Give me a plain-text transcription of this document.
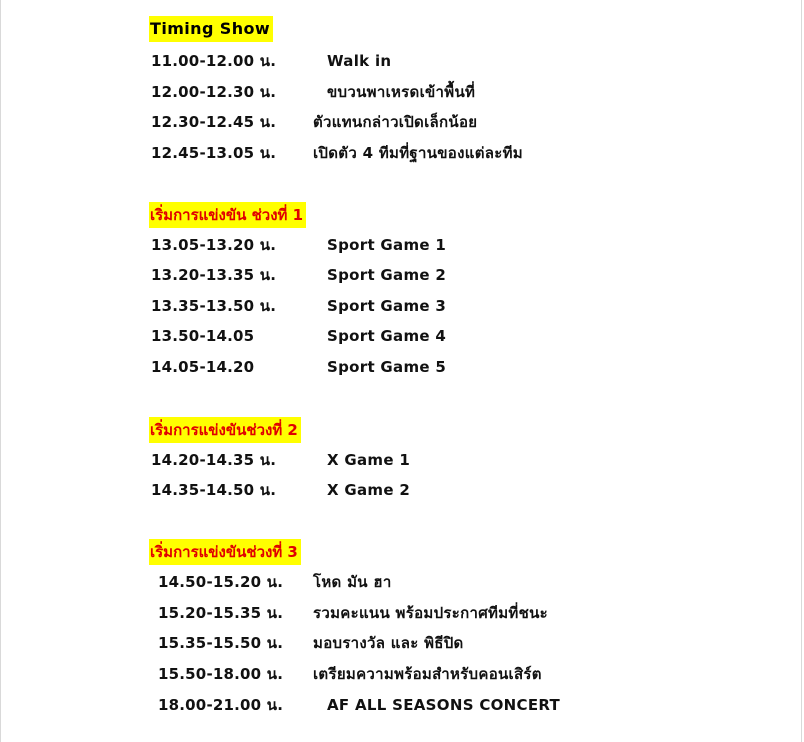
Timing Show
11.00-12.00 น.	Walk in
12.00-12.30 น.	ขบวนพาเหรดเข้าพื้นที่
12.30-12.45 น. ตัวแทนกล่าวเปิดเล็กน้อย
12.45-13.05 น. เปิดตัว 4 ทีมที่ฐานของแต่ละทีม
เริ่มการแข่งขัน ช่วงที่ 1
13.05-13.20 น.	Sport Game 1
13.20-13.35 น.	Sport Game 2
13.35-13.50 น.	Sport Game 3
13.50-14.05	Sport Game 4
14.05-14.20	Sport Game 5
เริ่มการแข่งขันช่วงที่ 2
14.20-14.35 น.	X Game 1
14.35-14.50 น.	X Game 2
เริ่มการแข่งขันช่วงที่ 3
14.50-15.20 น. โหด มัน ฮา
15.20-15.35 น. รวมคะแนน พร้อมประกาศทีมที่ชนะ
15.35-15.50 น. มอบรางวัล และ พิธีปิด
15.50-18.00 น. เตรียมความพร้อมสำหรับคอนเสิร์ต
18.00-21.00 น.	AF ALL SEASONS CONCERT
